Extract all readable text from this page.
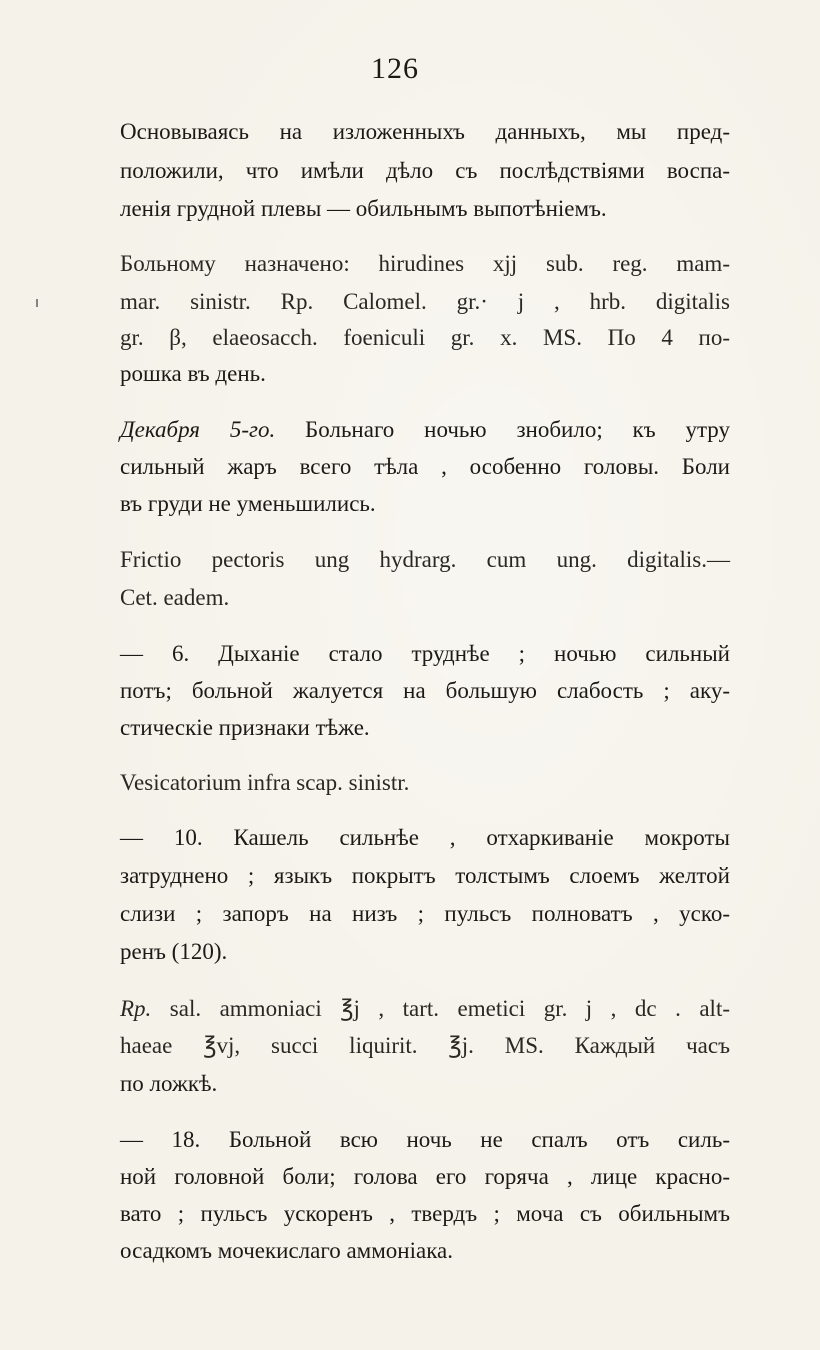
126
Основываясь на изложенныхъ данныхъ, мы пред-
положили, что имѣли дѣло съ послѣдствіями воспа-
ленія грудной плевы — обильнымъ выпотѣніемъ.
Больному назначено: hirudines xjj sub. reg. mam-
mar. sinistr. Rp. Calomel. gr.· j , hrb. digitalis
gr. β, elaeosacch. foeniculi gr. x. MS. По 4 по-
рошка въ день.
Декабря 5-го. Больнаго ночью знобило; къ утру
сильный жаръ всего тѣла , особенно головы. Боли
въ груди не уменьшились.
Frictio pectoris ung hydrarg. cum ung. digitalis.—
Cet. eadem.
— 6. Дыханіе стало труднѣе ; ночью сильный
потъ; больной жалуется на большую слабость ; аку-
стическіе признаки тѣже.
Vesicatorium infra scap. sinistr.
— 10. Кашель сильнѣе , отхаркиваніе мокроты
затруднено ; языкъ покрытъ толстымъ слоемъ желтой
слизи ; запоръ на низъ ; пульсъ полноватъ , уско-
ренъ (120).
Rp. sal. ammoniaci ℥j , tart. emetici gr. j , dc . alt-
haeae ℥vj, succi liquirit. ℥j. MS. Каждый часъ
по ложкѣ.
— 18. Больной всю ночь не спалъ отъ силь-
ной головной боли; голова его горяча , лице красно-
вато ; пульсъ ускоренъ , твердъ ; моча съ обильнымъ
осадкомъ мочекислаго аммоніака.
